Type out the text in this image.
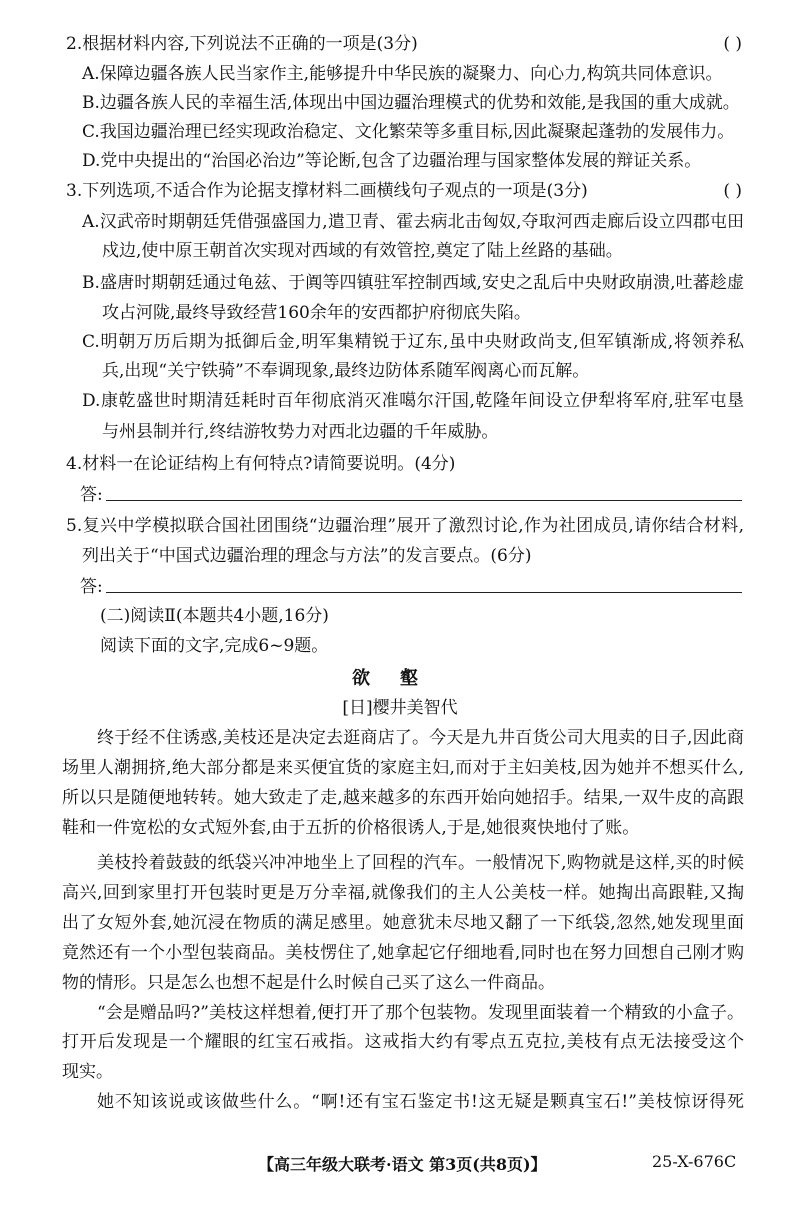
2.根据材料内容,下列说法不正确的一项是(3分)	( )
A.保障边疆各族人民当家作主,能够提升中华民族的凝聚力、向心力,构筑共同体意识。
B.边疆各族人民的幸福生活,体现出中国边疆治理模式的优势和效能,是我国的重大成就。
C.我国边疆治理已经实现政治稳定、文化繁荣等多重目标,因此凝聚起蓬勃的发展伟力。
D.党中央提出的“治国必治边”等论断,包含了边疆治理与国家整体发展的辩证关系。
3.下列选项,不适合作为论据支撑材料二画横线句子观点的一项是(3分)	( )
A.汉武帝时期朝廷凭借强盛国力,遣卫青、霍去病北击匈奴,夺取河西走廊后设立四郡屯田
戍边,使中原王朝首次实现对西域的有效管控,奠定了陆上丝路的基础。
B.盛唐时期朝廷通过龟兹、于阗等四镇驻军控制西域,安史之乱后中央财政崩溃,吐蕃趁虚
攻占河陇,最终导致经营160余年的安西都护府彻底失陷。
C.明朝万历后期为抵御后金,明军集精锐于辽东,虽中央财政尚支,但军镇渐成,将领养私
兵,出现“关宁铁骑”不奉调现象,最终边防体系随军阀离心而瓦解。
D.康乾盛世时期清廷耗时百年彻底消灭准噶尔汗国,乾隆年间设立伊犁将军府,驻军屯垦
与州县制并行,终结游牧势力对西北边疆的千年威胁。
4.材料一在论证结构上有何特点?请简要说明。(4分)
答:
5.复兴中学模拟联合国社团围绕“边疆治理”展开了激烈讨论,作为社团成员,请你结合材料,
列出关于“中国式边疆治理的理念与方法”的发言要点。(6分)
答:
(二)阅读Ⅱ(本题共4小题,16分)
阅读下面的文字,完成6~9题。
欲壑
[日]樱井美智代
终于经不住诱惑,美枝还是决定去逛商店了。今天是九井百货公司大甩卖的日子,因此商
场里人潮拥挤,绝大部分都是来买便宜货的家庭主妇,而对于主妇美枝,因为她并不想买什么,
所以只是随便地转转。她大致走了走,越来越多的东西开始向她招手。结果,一双牛皮的高跟
鞋和一件宽松的女式短外套,由于五折的价格很诱人,于是,她很爽快地付了账。
美枝拎着鼓鼓的纸袋兴冲冲地坐上了回程的汽车。一般情况下,购物就是这样,买的时候
高兴,回到家里打开包装时更是万分幸福,就像我们的主人公美枝一样。她掏出高跟鞋,又掏
出了女短外套,她沉浸在物质的满足感里。她意犹未尽地又翻了一下纸袋,忽然,她发现里面
竟然还有一个小型包装商品。美枝愣住了,她拿起它仔细地看,同时也在努力回想自己刚才购
物的情形。只是怎么也想不起是什么时候自己买了这么一件商品。
“会是赠品吗?”美枝这样想着,便打开了那个包装物。发现里面装着一个精致的小盒子。
打开后发现是一个耀眼的红宝石戒指。这戒指大约有零点五克拉,美枝有点无法接受这个
现实。
她不知该说或该做些什么。“啊!还有宝石鉴定书!这无疑是颗真宝石!”美枝惊讶得死
【高三年级大联考·语文 第3页(共8页)】	25-X-676C
